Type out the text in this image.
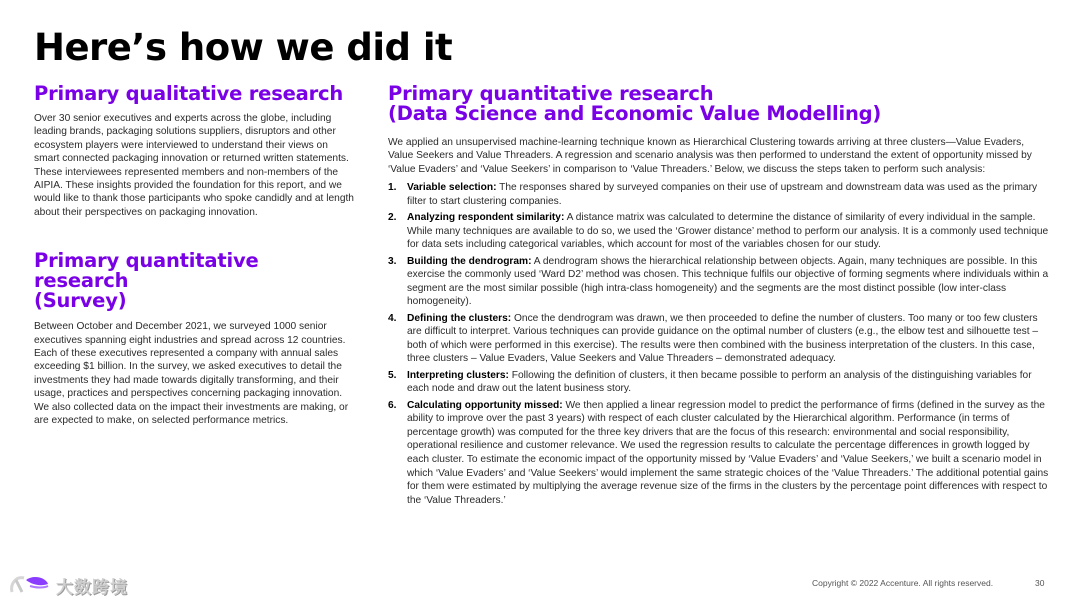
Here’s how we did it
Primary qualitative research

Over 30 senior executives and experts across the globe, including leading brands, packaging solutions suppliers, disruptors and other ecosystem players were interviewed to understand their views on smart connected packaging innovation or returned written statements. These interviewees represented members and non-members of the AIPIA. These insights provided the foundation for this report, and we would like to thank those participants who spoke candidly and at length about their perspectives on packaging innovation.

Primary quantitative research
(Survey)

Between October and December 2021, we surveyed 1000 senior executives spanning eight industries and spread across 12 countries. Each of these executives represented a company with annual sales exceeding $1 billion. In the survey, we asked executives to detail the investments they had made towards digitally transforming, and their usage, practices and perspectives concerning packaging innovation. We also collected data on the impact their investments are making, or are expected to make, on selected performance metrics.

Primary quantitative research
(Data Science and Economic Value Modelling)

We applied an unsupervised machine-learning technique known as Hierarchical Clustering towards arriving at three clusters—Value Evaders, Value Seekers and Value Threaders. A regression and scenario analysis was then performed to understand the extent of opportunity missed by ‘Value Evaders’ and ‘Value Seekers’ in comparison to ‘Value Threaders.’ Below, we discuss the steps taken to perform such analysis:

1.	Variable selection: The responses shared by surveyed companies on their use of upstream and downstream data was used as the primary filter to start clustering companies.
2.	Analyzing respondent similarity: A distance matrix was calculated to determine the distance of similarity of every individual in the sample. While many techniques are available to do so, we used the ‘Grower distance’ method to perform our analysis. It is a commonly used technique for data sets including categorical variables, which account for most of the variables chosen for our study.
3.	Building the dendrogram: A dendrogram shows the hierarchical relationship between objects. Again, many techniques are possible. In this exercise the commonly used ‘Ward D2’ method was chosen. This technique fulfils our objective of forming segments where individuals within a segment are the most similar possible (high intra-class homogeneity) and the segments are the most distinct possible (low inter-class homogeneity).
4.	Defining the clusters: Once the dendrogram was drawn, we then proceeded to define the number of clusters. Too many or too few clusters are difficult to interpret. Various techniques can provide guidance on the optimal number of clusters (e.g., the elbow test and silhouette test – both of which were performed in this exercise). The results were then combined with the business interpretation of the clusters. In this case, three clusters – Value Evaders, Value Seekers and Value Threaders – demonstrated adequacy.
5.	Interpreting clusters: Following the definition of clusters, it then became possible to perform an analysis of the distinguishing variables for each node and draw out the latent business story.
6.	Calculating opportunity missed: We then applied a linear regression model to predict the performance of firms (defined in the survey as the ability to improve over the past 3 years) with respect of each cluster calculated by the Hierarchical algorithm. Performance (in terms of percentage growth) was computed for the three key drivers that are the focus of this research: environmental and social responsibility, operational resilience and customer relevance. We used the regression results to calculate the percentage differences in growth logged by each cluster. To estimate the economic impact of the opportunity missed by ‘Value Evaders’ and ‘Value Seekers,’ we built a scenario model in which ‘Value Evaders’ and ‘Value Seekers’ would implement the same strategic choices of the ‘Value Threaders.’ The additional potential gains for them were estimated by multiplying the average revenue size of the firms in the clusters by the percentage point differences with respect to the ‘Value Threaders.’
大数跨境	Copyright © 2022 Accenture. All rights reserved.	30
